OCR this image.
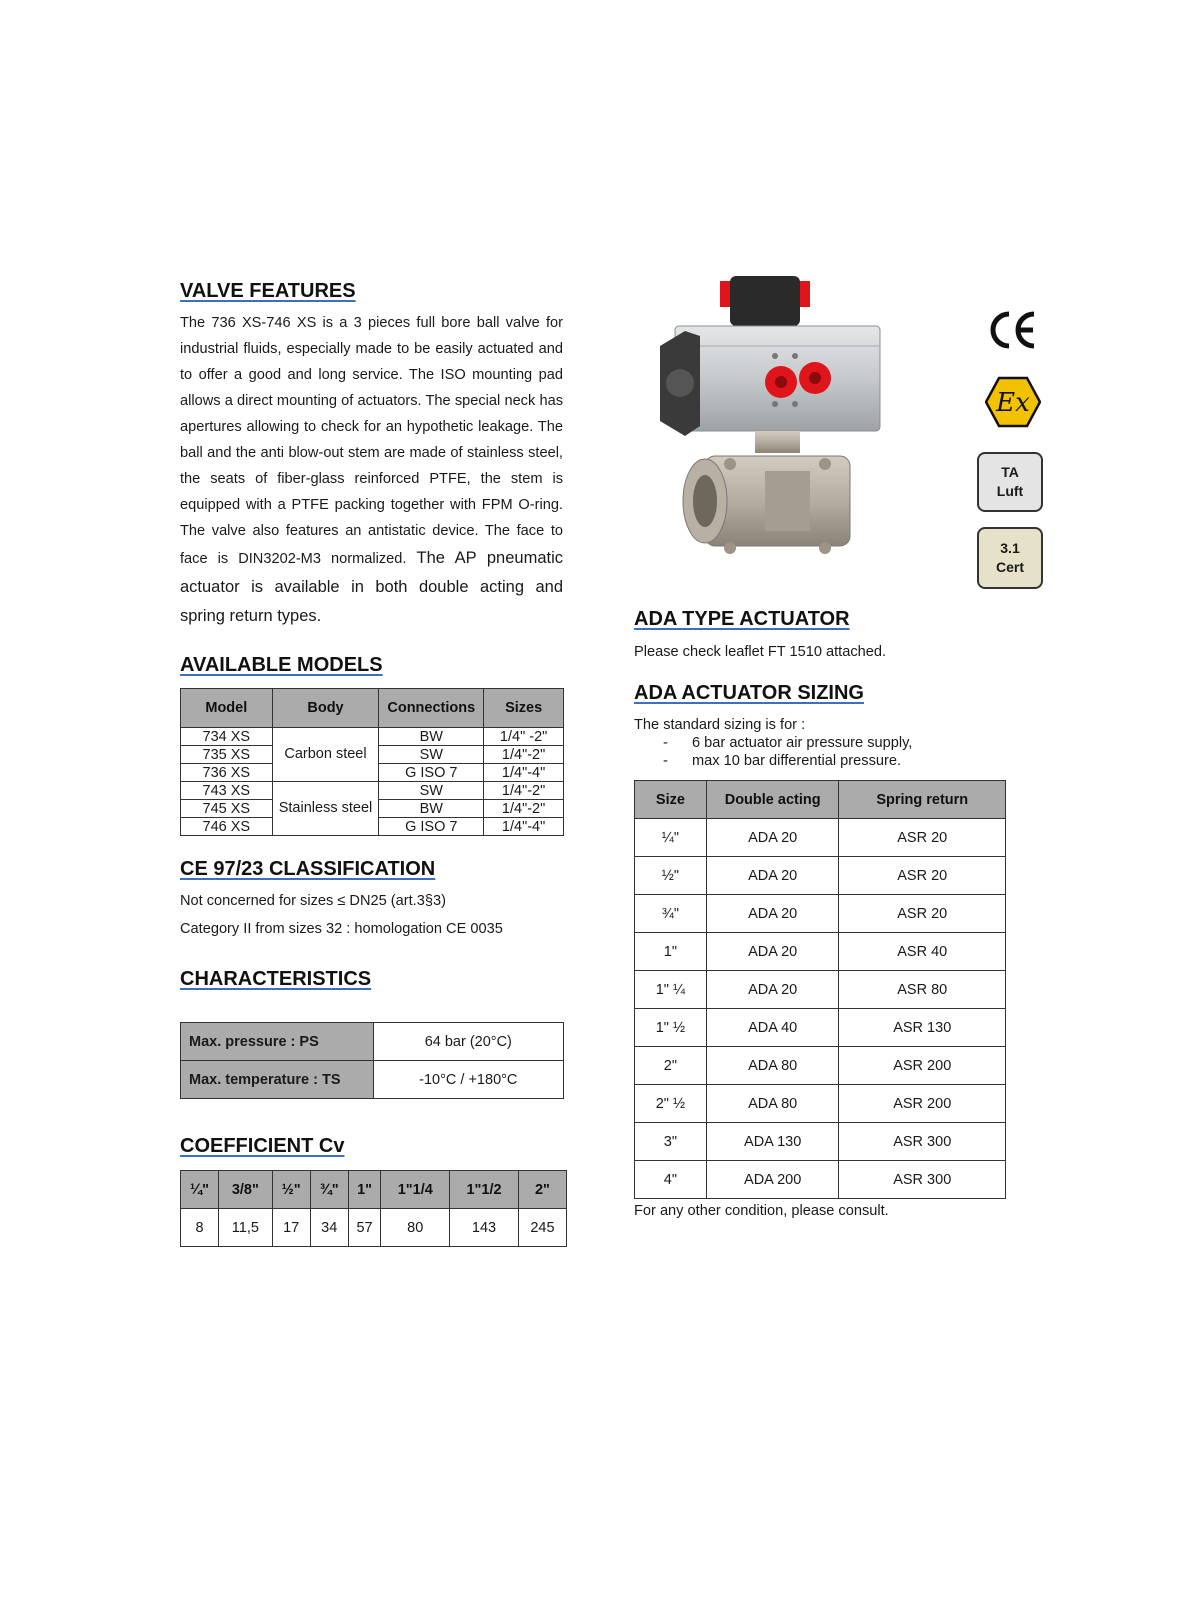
VALVE FEATURES
The 736 XS-746 XS is a 3 pieces full bore ball valve for industrial fluids, especially made to be easily actuated and to offer a good and long service. The ISO mounting pad allows a direct mounting of actuators. The special neck has apertures allowing to check for an hypothetic leakage. The ball and the anti blow-out stem are made of stainless steel, the seats of fiber-glass reinforced PTFE, the stem is equipped with a PTFE packing together with FPM O-ring. The valve also features an antistatic device. The face to face is DIN3202-M3 normalized. The AP pneumatic actuator is available in both double acting and spring return types.
AVAILABLE MODELS
Model	Body	Connections	Sizes
734 XS	Carbon steel	BW	1/4" -2"
735 XS		SW	1/4"-2"
736 XS		G ISO 7	1/4"-4"
743 XS	Stainless steel	SW	1/4"-2"
745 XS		BW	1/4"-2"
746 XS		G ISO 7	1/4"-4"
CE 97/23 CLASSIFICATION
Not concerned for sizes ≤ DN25 (art.3§3)
Category II from sizes 32 : homologation CE 0035
CHARACTERISTICS
Max. pressure : PS	64 bar (20°C)
Max. temperature : TS	-10°C / +180°C
COEFFICIENT Cv
¼"	3/8"	½"	¾"	1"	1"1/4	1"1/2	2"
8	11,5	17	34	57	80	143	245
Ex
TA
Luft
3.1
Cert
ADA TYPE ACTUATOR
Please check leaflet FT 1510 attached.
ADA ACTUATOR SIZING
The standard sizing is for :
-	6 bar actuator air pressure supply,
-	max 10 bar differential pressure.
Size	Double acting	Spring return
¼"	ADA 20	ASR 20
½"	ADA 20	ASR 20
¾"	ADA 20	ASR 20
1"	ADA 20	ASR 40
1" ¼	ADA 20	ASR 80
1" ½	ADA 40	ASR 130
2"	ADA 80	ASR 200
2" ½	ADA 80	ASR 200
3"	ADA 130	ASR 300
4"	ADA 200	ASR 300
For any other condition, please consult.
